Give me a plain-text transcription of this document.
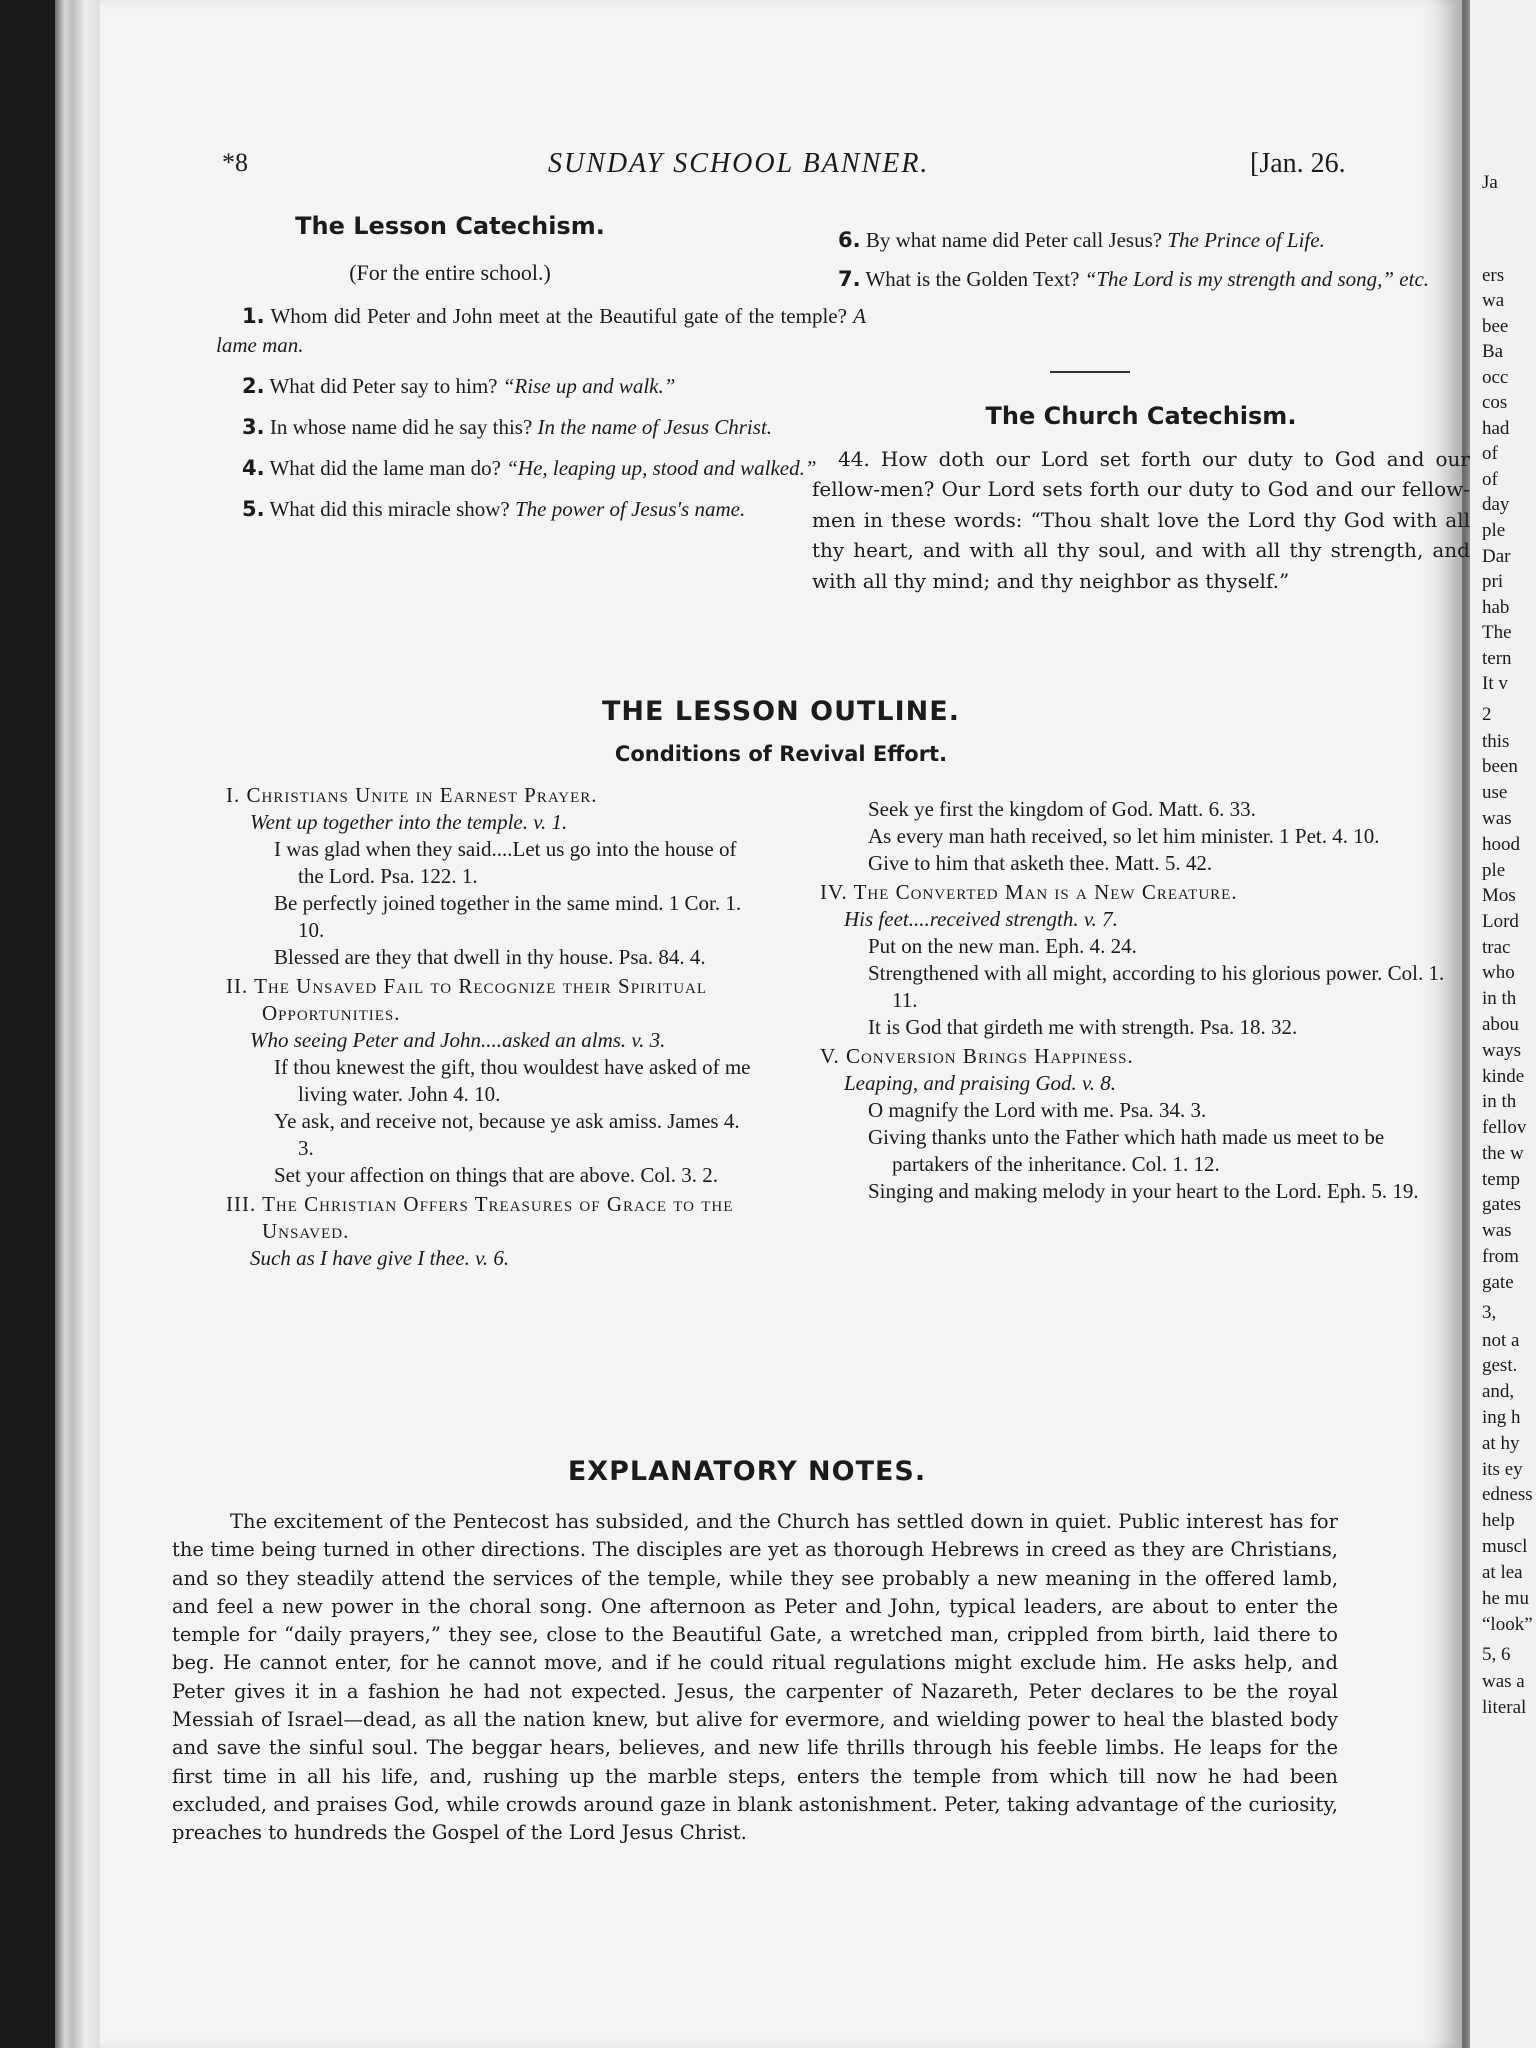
Ja
ers
wa
bee
Ba
occ
cos
had
of
of
day
ple
Dar
pri
hab
The
tern
It v
2
this
been
use
was
hood
ple
Mos
Lord
trac
who
in th
abou
ways
kinde
in th
fellov
the w
temp
gates
was
from
gate
3,
not a
gest.
and,
ing h
at hy
its ey
edness
help
muscl
at lea
he mu
“look”
5, 6
was a
literal
*8	SUNDAY SCHOOL BANNER.	[Jan. 26.
The Lesson Catechism.
(For the entire school.)

1. Whom did Peter and John meet at the Beautiful gate of the temple? A lame man.

2. What did Peter say to him? “Rise up and walk.”

3. In whose name did he say this? In the name of Jesus Christ.

4. What did the lame man do? “He, leaping up, stood and walked.”

5. What did this miracle show? The power of Jesus's name.

6. By what name did Peter call Jesus? The Prince of Life.

7. What is the Golden Text? “The Lord is my strength and song,” etc.

The Church Catechism.
44. How doth our Lord set forth our duty to God and our fellow-men? Our Lord sets forth our duty to God and our fellow-men in these words: “Thou shalt love the Lord thy God with all thy heart, and with all thy soul, and with all thy strength, and with all thy mind; and thy neighbor as thyself.”
THE LESSON OUTLINE.
Conditions of Revival Effort.

I. Christians Unite in Earnest Prayer.

Went up together into the temple. v. 1.

I was glad when they said....Let us go into the house of the Lord. Psa. 122. 1.

Be perfectly joined together in the same mind. 1 Cor. 1. 10.

Blessed are they that dwell in thy house. Psa. 84. 4.

II. The Unsaved Fail to Recognize their Spiritual Opportunities.

Who seeing Peter and John....asked an alms. v. 3.

If thou knewest the gift, thou wouldest have asked of me living water. John 4. 10.

Ye ask, and receive not, because ye ask amiss. James 4. 3.

Set your affection on things that are above. Col. 3. 2.

III. The Christian Offers Treasures of Grace to the Unsaved.

Such as I have give I thee. v. 6.

Seek ye first the kingdom of God. Matt. 6. 33.

As every man hath received, so let him minister. 1 Pet. 4. 10.

Give to him that asketh thee. Matt. 5. 42.

IV. The Converted Man is a New Creature.

His feet....received strength. v. 7.

Put on the new man. Eph. 4. 24.

Strengthened with all might, according to his glorious power. Col. 1. 11.

It is God that girdeth me with strength. Psa. 18. 32.

V. Conversion Brings Happiness.

Leaping, and praising God. v. 8.

O magnify the Lord with me. Psa. 34. 3.

Giving thanks unto the Father which hath made us meet to be partakers of the inheritance. Col. 1. 12.

Singing and making melody in your heart to the Lord. Eph. 5. 19.

EXPLANATORY NOTES.

The excitement of the Pentecost has subsided, and the Church has settled down in quiet. Public interest has for the time being turned in other directions. The disciples are yet as thorough Hebrews in creed as they are Christians, and so they steadily attend the services of the temple, while they see probably a new meaning in the offered lamb, and feel a new power in the choral song. One afternoon as Peter and John, typical leaders, are about to enter the temple for “daily prayers,” they see, close to the Beautiful Gate, a wretched man, crippled from birth, laid there to beg. He cannot enter, for he cannot move, and if he could ritual regulations might exclude him. He asks help, and Peter gives it in a fashion he had not expected. Jesus, the carpenter of Nazareth, Peter declares to be the royal Messiah of Israel—dead, as all the nation knew, but alive for evermore, and wielding power to heal the blasted body and save the sinful soul. The beggar hears, believes, and new life thrills through his feeble limbs. He leaps for the first time in all his life, and, rushing up the marble steps, enters the temple from which till now he had been excluded, and praises God, while crowds around gaze in blank astonishment. Peter, taking advantage of the curiosity, preaches to hundreds the Gospel of the Lord Jesus Christ.
